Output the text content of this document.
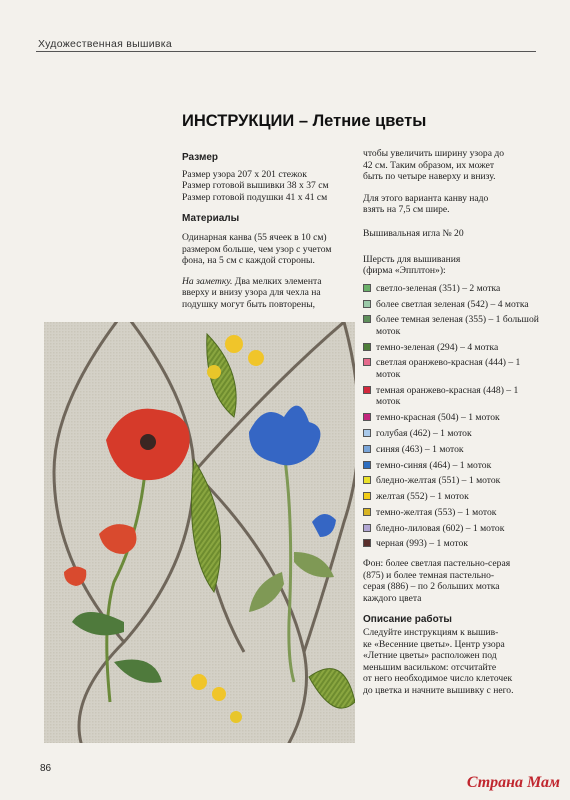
Художественная вышивка
ИНСТРУКЦИИ – Летние цветы
Размер

Размер узора 207 х 201 стежок
Размер готовой вышивки 38 х 37 см
Размер готовой подушки 41 х 41 см

Материалы

Одинарная канва (55 ячеек в 10 см)
размером больше, чем узор с учетом
фона, на 5 см с каждой стороны.

На заметку. Два мелких элемента
вверху и внизу узора для чехла на
подушку могут быть повторены,

чтобы увеличить ширину узора до
42 см. Таким образом, их может
быть по четыре наверху и внизу.

Для этого варианта канву надо
взять на 7,5 см шире.

Вышивальная игла № 20

Шерсть для вышивания
(фирма «Эпплтон»):

светло-зеленая (351) – 2 мотка
более светлая зеленая (542) – 4 мотка
более темная зеленая (355) – 1 большой моток
темно-зеленая (294) – 4 мотка
светлая оранжево-красная (444) – 1 моток
темная оранжево-красная (448) – 1 моток
темно-красная (504) – 1 моток
голубая (462) – 1 моток
синяя (463) – 1 моток
темно-синяя (464) – 1 моток
бледно-желтая (551) – 1 моток
желтая (552) – 1 моток
темно-желтая (553) – 1 моток
бледно-лиловая (602) – 1 моток
черная (993) – 1 моток

Фон: более светлая пастельно-серая
(875) и более темная пастельно-
серая (886) – по 2 больших мотка
каждого цвета

Описание работы

Следуйте инструкциям к вышив-
ке «Весенние цветы». Центр узора
«Летние цветы» расположен под
меньшим васильком: отсчитайте
от него необходимое число клеточек
до цветка и начните вышивку с него.

86
Страна Мам
